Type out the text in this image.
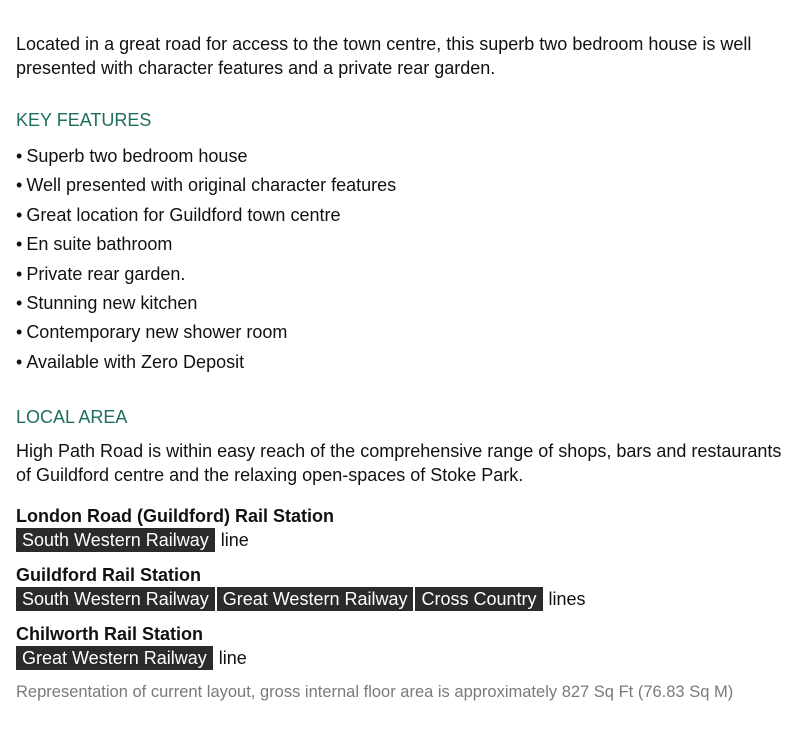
Located in a great road for access to the town centre, this superb two bedroom house is well presented with character features and a private rear garden.

KEY FEATURES
• Superb two bedroom house
• Well presented with original character features
• Great location for Guildford town centre
• En suite bathroom
• Private rear garden.
• Stunning new kitchen
• Contemporary new shower room
• Available with Zero Deposit
LOCAL AREA

High Path Road is within easy reach of the comprehensive range of shops, bars and restaurants of Guildford centre and the relaxing open-spaces of Stoke Park.

London Road (Guildford) Rail Station

South Western Railway line

Guildford Rail Station

South Western Railway Great Western Railway Cross Country lines

Chilworth Rail Station

Great Western Railway line

Representation of current layout, gross internal floor area is approximately 827 Sq Ft (76.83 Sq M)
